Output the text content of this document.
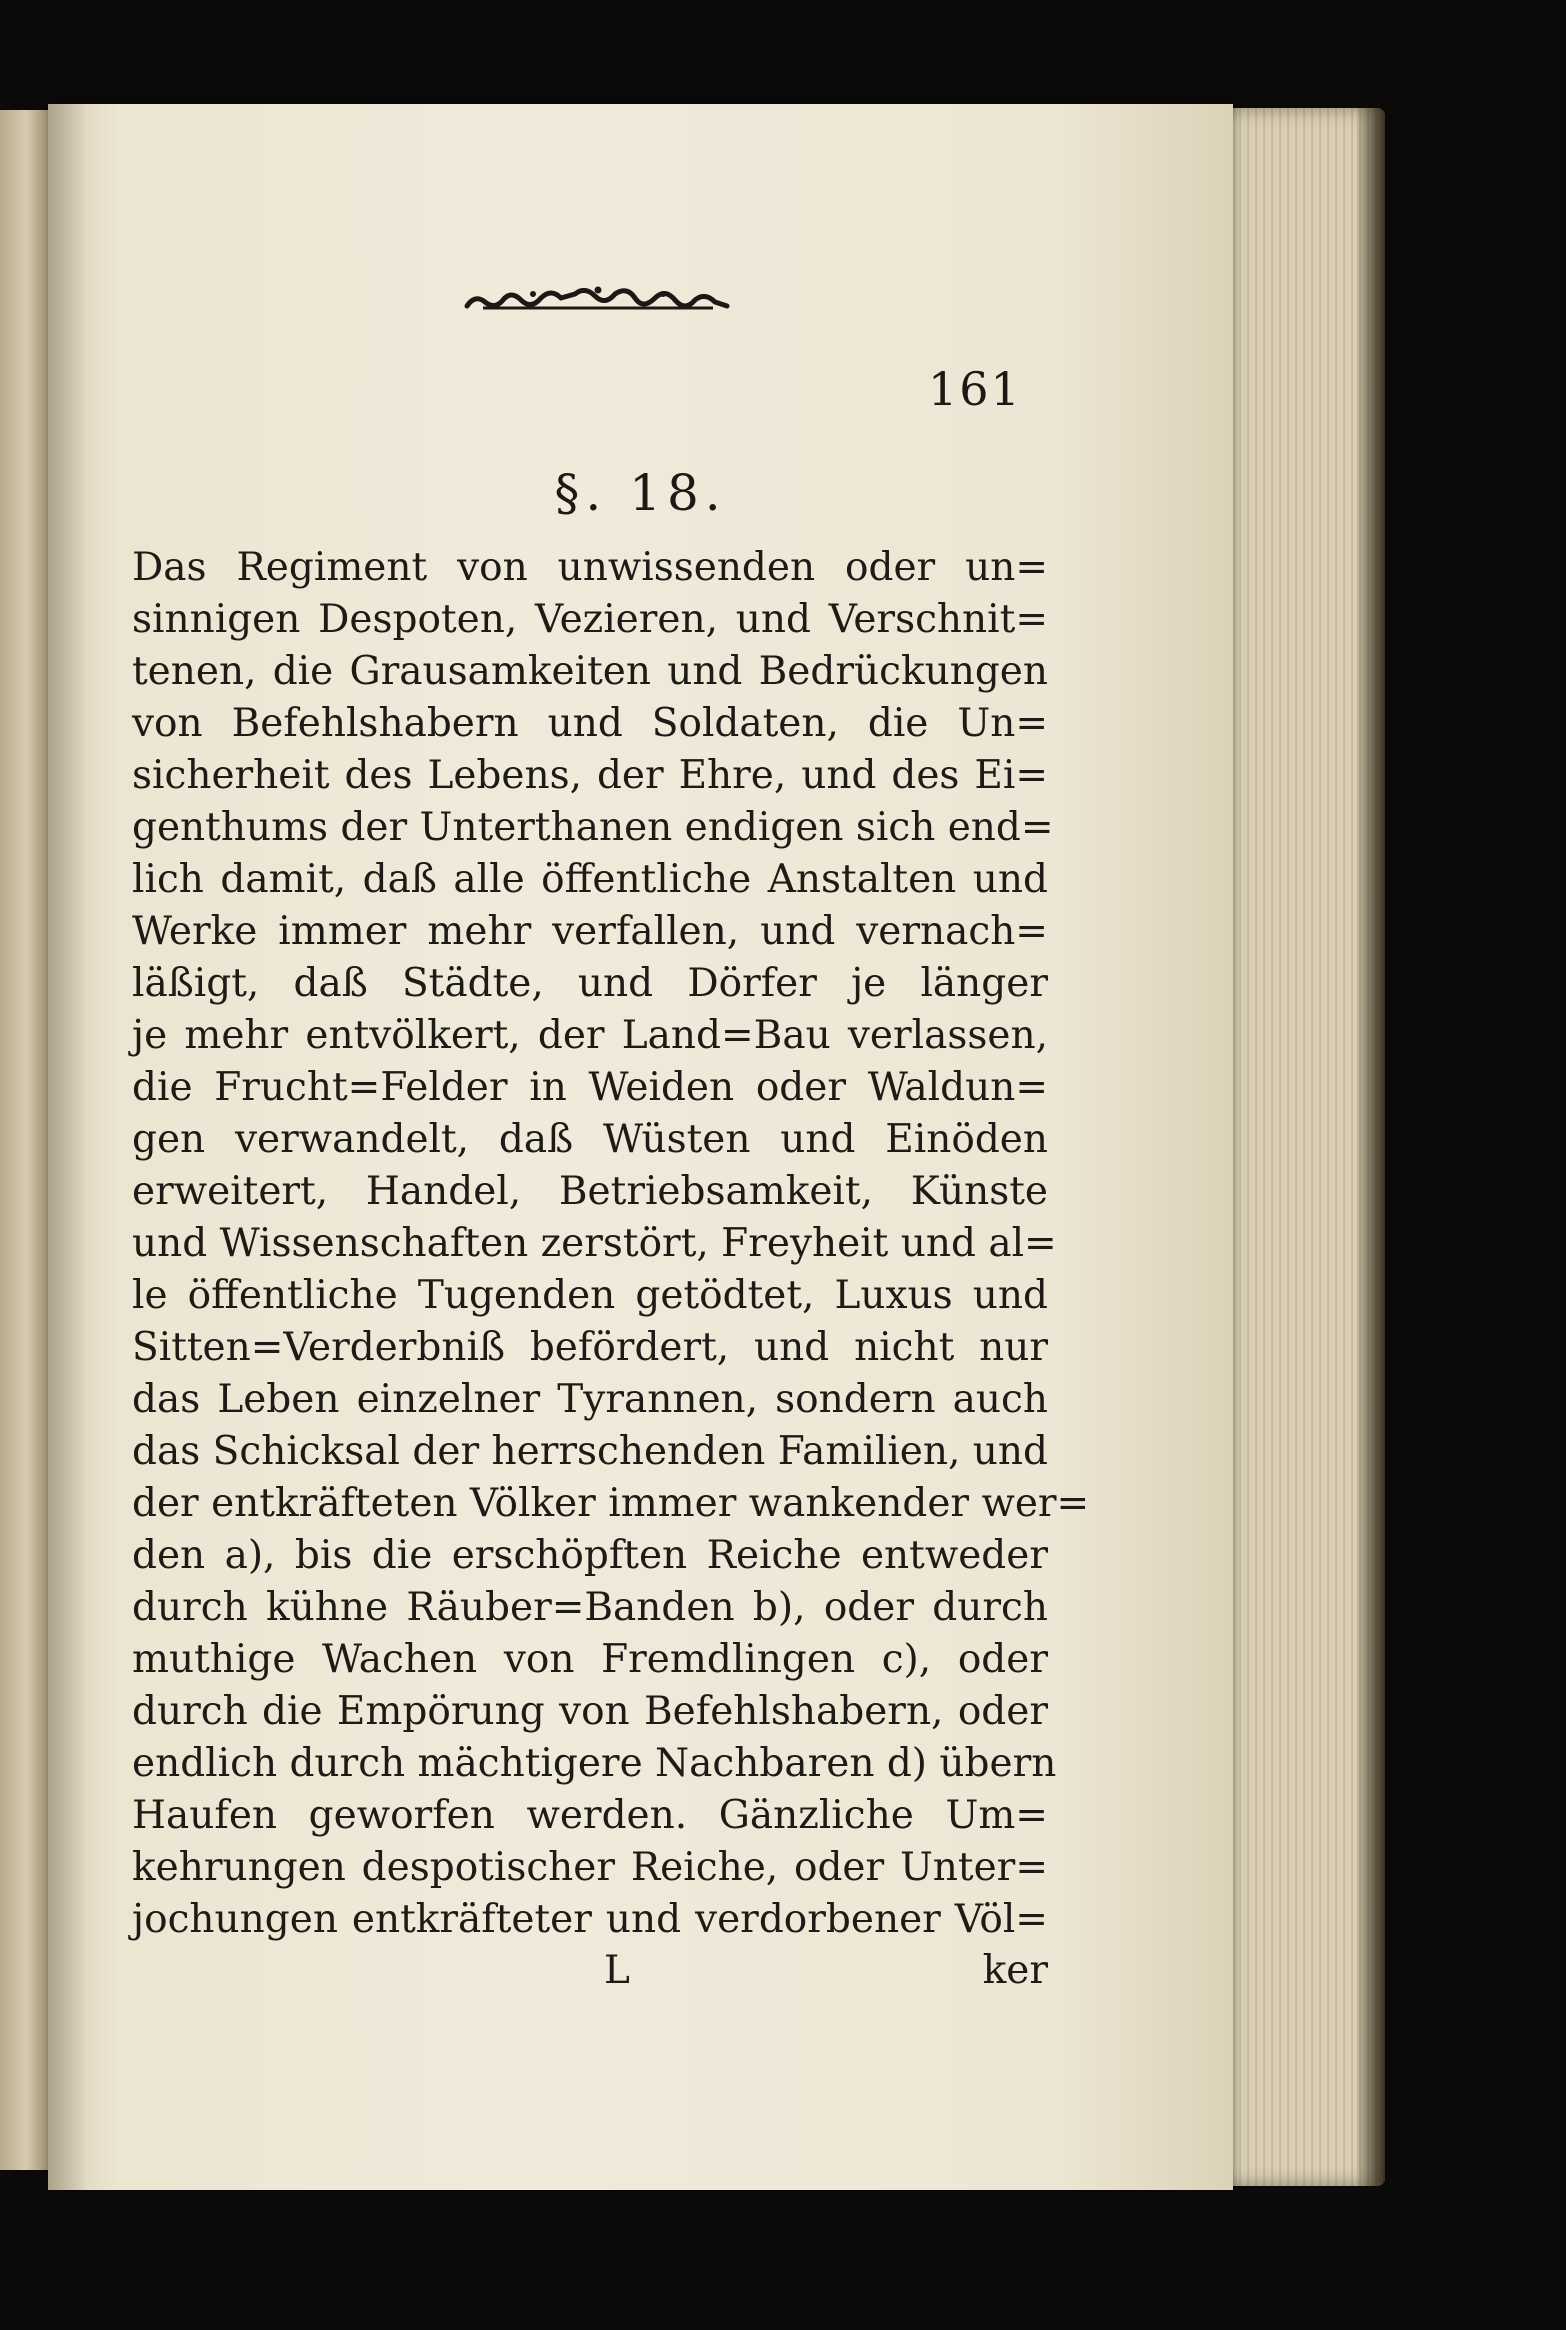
161
§. 18.
Das Regiment von unwissenden oder un=
sinnigen Despoten, Vezieren, und Verschnit=
tenen, die Grausamkeiten und Bedrückungen
von Befehlshabern und Soldaten, die Un=
sicherheit des Lebens, der Ehre, und des Ei=
genthums der Unterthanen endigen sich end=
lich damit, daß alle öffentliche Anstalten und
Werke immer mehr verfallen, und vernach=
läßigt, daß Städte, und Dörfer je länger
je mehr entvölkert, der Land=Bau verlassen,
die Frucht=Felder in Weiden oder Waldun=
gen verwandelt, daß Wüsten und Einöden
erweitert, Handel, Betriebsamkeit, Künste
und Wissenschaften zerstört, Freyheit und al=
le öffentliche Tugenden getödtet, Luxus und
Sitten=Verderbniß befördert, und nicht nur
das Leben einzelner Tyrannen, sondern auch
das Schicksal der herrschenden Familien, und
der entkräfteten Völker immer wankender wer=
den a), bis die erschöpften Reiche entweder
durch kühne Räuber=Banden b), oder durch
muthige Wachen von Fremdlingen c), oder
durch die Empörung von Befehlshabern, oder
endlich durch mächtigere Nachbaren d) übern
Haufen geworfen werden. Gänzliche Um=
kehrungen despotischer Reiche, oder Unter=
jochungen entkräfteter und verdorbener Völ=
L	ker
